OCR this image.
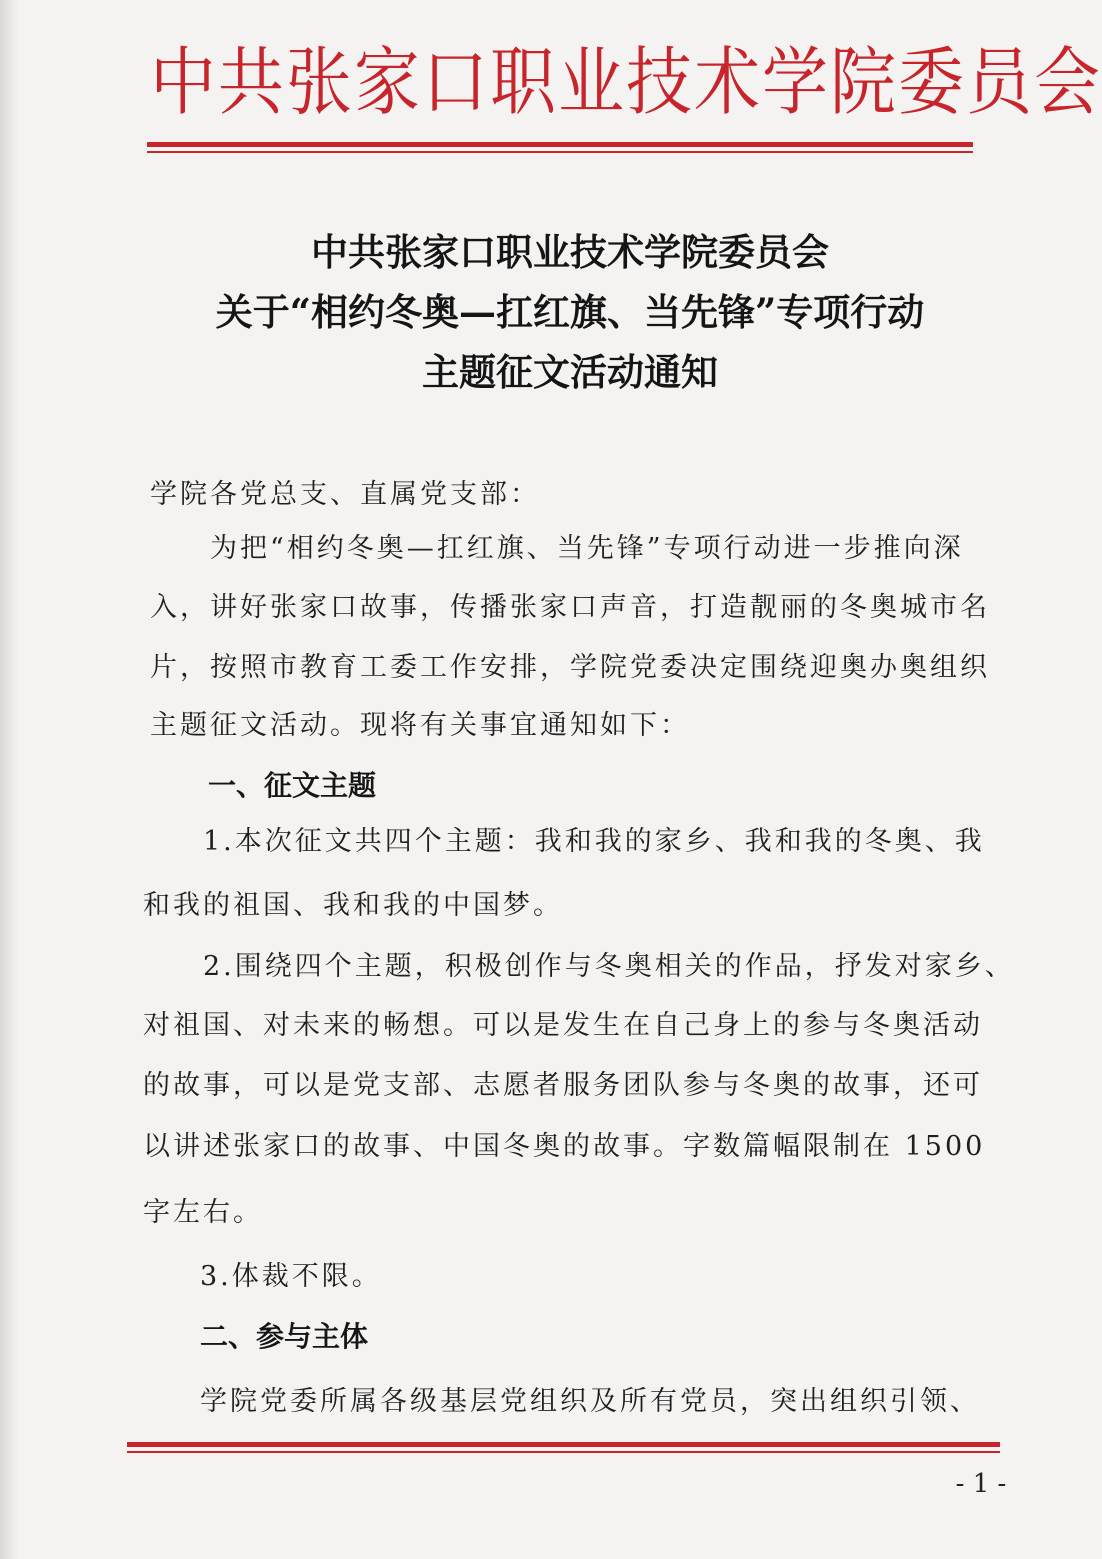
中共张家口职业技术学院委员会
中共张家口职业技术学院委员会
关于“相约冬奥—扛红旗、当先锋”专项行动
主题征文活动通知
学院各党总支、直属党支部：
为把“相约冬奥—扛红旗、当先锋”专项行动进一步推向深
入，讲好张家口故事，传播张家口声音，打造靓丽的冬奥城市名
片，按照市教育工委工作安排，学院党委决定围绕迎奥办奥组织
主题征文活动。现将有关事宜通知如下：
一、征文主题
1.本次征文共四个主题：我和我的家乡、我和我的冬奥、我
和我的祖国、我和我的中国梦。
2.围绕四个主题，积极创作与冬奥相关的作品，抒发对家乡、
对祖国、对未来的畅想。可以是发生在自己身上的参与冬奥活动
的故事，可以是党支部、志愿者服务团队参与冬奥的故事，还可
以讲述张家口的故事、中国冬奥的故事。字数篇幅限制在 1500
字左右。
3.体裁不限。
二、参与主体
学院党委所属各级基层党组织及所有党员，突出组织引领、
- 1 -
